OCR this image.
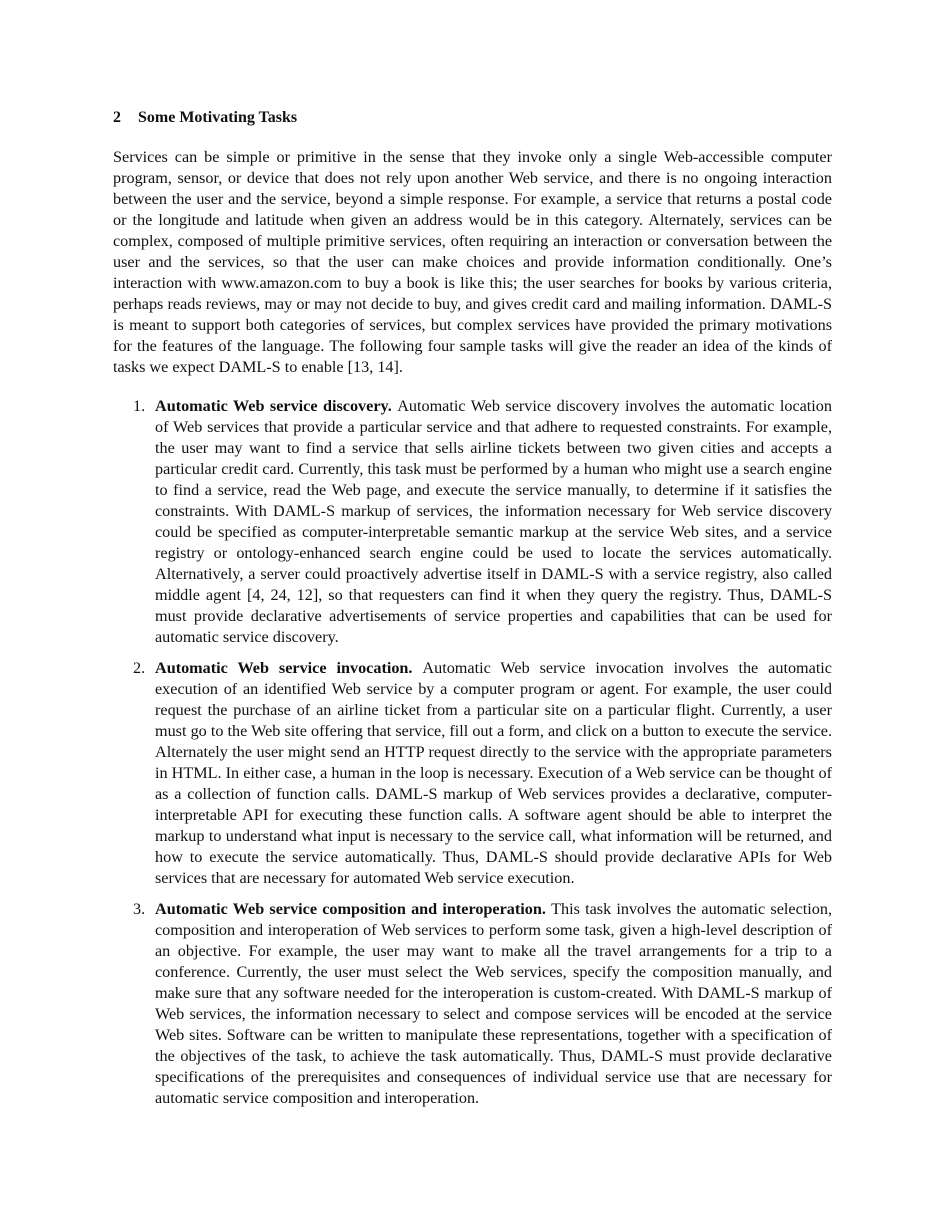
2 Some Motivating Tasks

Services can be simple or primitive in the sense that they invoke only a single Web-accessible computer program, sensor, or device that does not rely upon another Web service, and there is no ongoing interaction between the user and the service, beyond a simple response. For example, a service that returns a postal code or the longitude and latitude when given an address would be in this category. Alternately, services can be complex, composed of multiple primitive services, often requiring an interaction or conversation between the user and the services, so that the user can make choices and provide information conditionally. One’s interaction with www.amazon.com to buy a book is like this; the user searches for books by various criteria, perhaps reads reviews, may or may not decide to buy, and gives credit card and mailing information. DAML-S is meant to support both categories of services, but complex services have provided the primary motivations for the features of the language. The following four sample tasks will give the reader an idea of the kinds of tasks we expect DAML-S to enable [13, 14].

1. Automatic Web service discovery. Automatic Web service discovery involves the automatic location of Web services that provide a particular service and that adhere to requested constraints. For example, the user may want to find a service that sells airline tickets between two given cities and accepts a particular credit card. Currently, this task must be performed by a human who might use a search engine to find a service, read the Web page, and execute the service manually, to determine if it satisfies the constraints. With DAML-S markup of services, the information necessary for Web service discovery could be specified as computer-interpretable semantic markup at the service Web sites, and a service registry or ontology-enhanced search engine could be used to locate the services automatically. Alternatively, a server could proactively advertise itself in DAML-S with a service registry, also called middle agent [4, 24, 12], so that requesters can find it when they query the registry. Thus, DAML-S must provide declarative advertisements of service properties and capabilities that can be used for automatic service discovery.
2. Automatic Web service invocation. Automatic Web service invocation involves the automatic execution of an identified Web service by a computer program or agent. For example, the user could request the purchase of an airline ticket from a particular site on a particular flight. Currently, a user must go to the Web site offering that service, fill out a form, and click on a button to execute the service. Alternately the user might send an HTTP request directly to the service with the appropriate parameters in HTML. In either case, a human in the loop is necessary. Execution of a Web service can be thought of as a collection of function calls. DAML-S markup of Web services provides a declarative, computer-interpretable API for executing these function calls. A software agent should be able to interpret the markup to understand what input is necessary to the service call, what information will be returned, and how to execute the service automatically. Thus, DAML-S should provide declarative APIs for Web services that are necessary for automated Web service execution.
3. Automatic Web service composition and interoperation. This task involves the automatic selection, composition and interoperation of Web services to perform some task, given a high-level description of an objective. For example, the user may want to make all the travel arrangements for a trip to a conference. Currently, the user must select the Web services, specify the composition manually, and make sure that any software needed for the interoperation is custom-created. With DAML-S markup of Web services, the information necessary to select and compose services will be encoded at the service Web sites. Software can be written to manipulate these representations, together with a specification of the objectives of the task, to achieve the task automatically. Thus, DAML-S must provide declarative specifications of the prerequisites and consequences of individual service use that are necessary for automatic service composition and interoperation.
